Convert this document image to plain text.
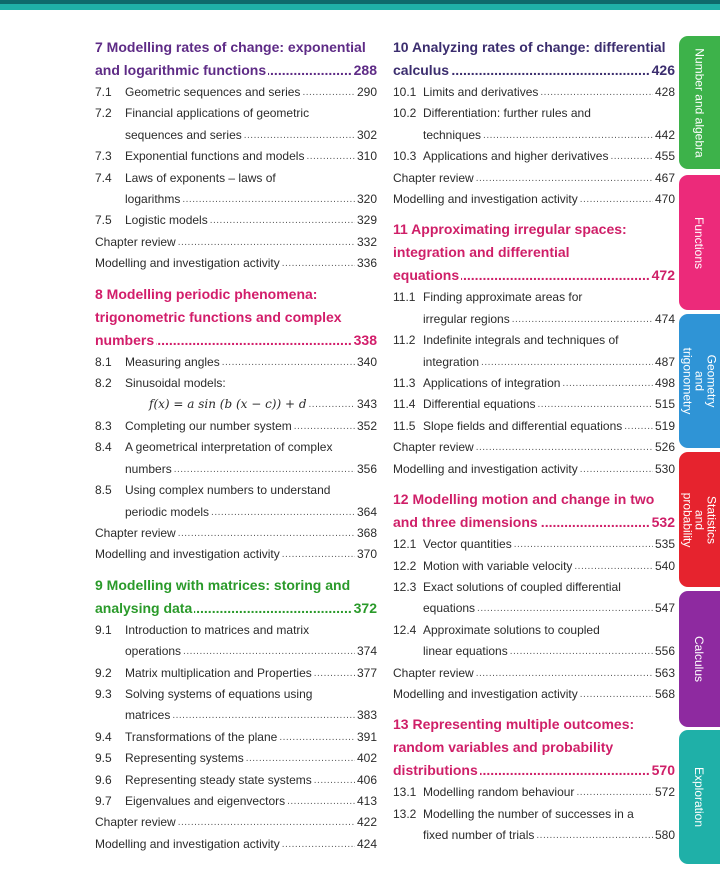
7 Modelling rates of change: exponential
and logarithmic functions	288
.....
7.1	Geometric sequences and series .....	290
7.2	Financial applications of geometric
sequences and series .....	302
7.3	Exponential functions and models .....	310
7.4	Laws of exponents – laws of
logarithms .....	320
7.5	Logistic models .....	329
Chapter review .....	332
Modelling and investigation activity .....	336
8 Modelling periodic phenomena:
trigonometric functions and complex
numbers	338
.....
8.1	Measuring angles .....	340
8.2	Sinusoidal models:
f(x) = a sin (b (x − c)) + d .....	343
8.3	Completing our number system .....	352
8.4	A geometrical interpretation of complex
numbers .....	356
8.5	Using complex numbers to understand
periodic models .....	364
Chapter review .....	368
Modelling and investigation activity .....	370
9 Modelling with matrices: storing and
analysing data	372
.....
9.1	Introduction to matrices and matrix
operations .....	374
9.2	Matrix multiplication and Properties .....	377
9.3	Solving systems of equations using
matrices .....	383
9.4	Transformations of the plane .....	391
9.5	Representing systems .....	402
9.6	Representing steady state systems .....	406
9.7	Eigenvalues and eigenvectors .....	413
Chapter review .....	422
Modelling and investigation activity .....	424
10 Analyzing rates of change: differential
calculus	426
.....
10.1 Limits and derivatives .....	428
10.2 Differentiation: further rules and
techniques .....	442
10.3 Applications and higher derivatives .....	455
Chapter review .....	467
Modelling and investigation activity .....	470
11 Approximating irregular spaces:
integration and differential
equations	472
.....
11.1 Finding approximate areas for
irregular regions .....	474
11.2 Indefinite integrals and techniques of
integration .....	487
11.3 Applications of integration .....	498
11.4 Differential equations .....	515
11.5 Slope fields and differential equations .....	519
Chapter review .....	526
Modelling and investigation activity .....	530
12 Modelling motion and change in two
and three dimensions	532
.....
12.1 Vector quantities .....	535
12.2 Motion with variable velocity .....	540
12.3 Exact solutions of coupled differential
equations .....	547
12.4 Approximate solutions to coupled
linear equations .....	556
Chapter review .....	563
Modelling and investigation activity .....	568
13 Representing multiple outcomes:
random variables and probability
distributions	570
.....
13.1 Modelling random behaviour .....	572
13.2 Modelling the number of successes in a
fixed number of trials .....	580
Number and algebra
Functions
Geometry and trigonometry
Statistics and probability
Calculus
Exploration
